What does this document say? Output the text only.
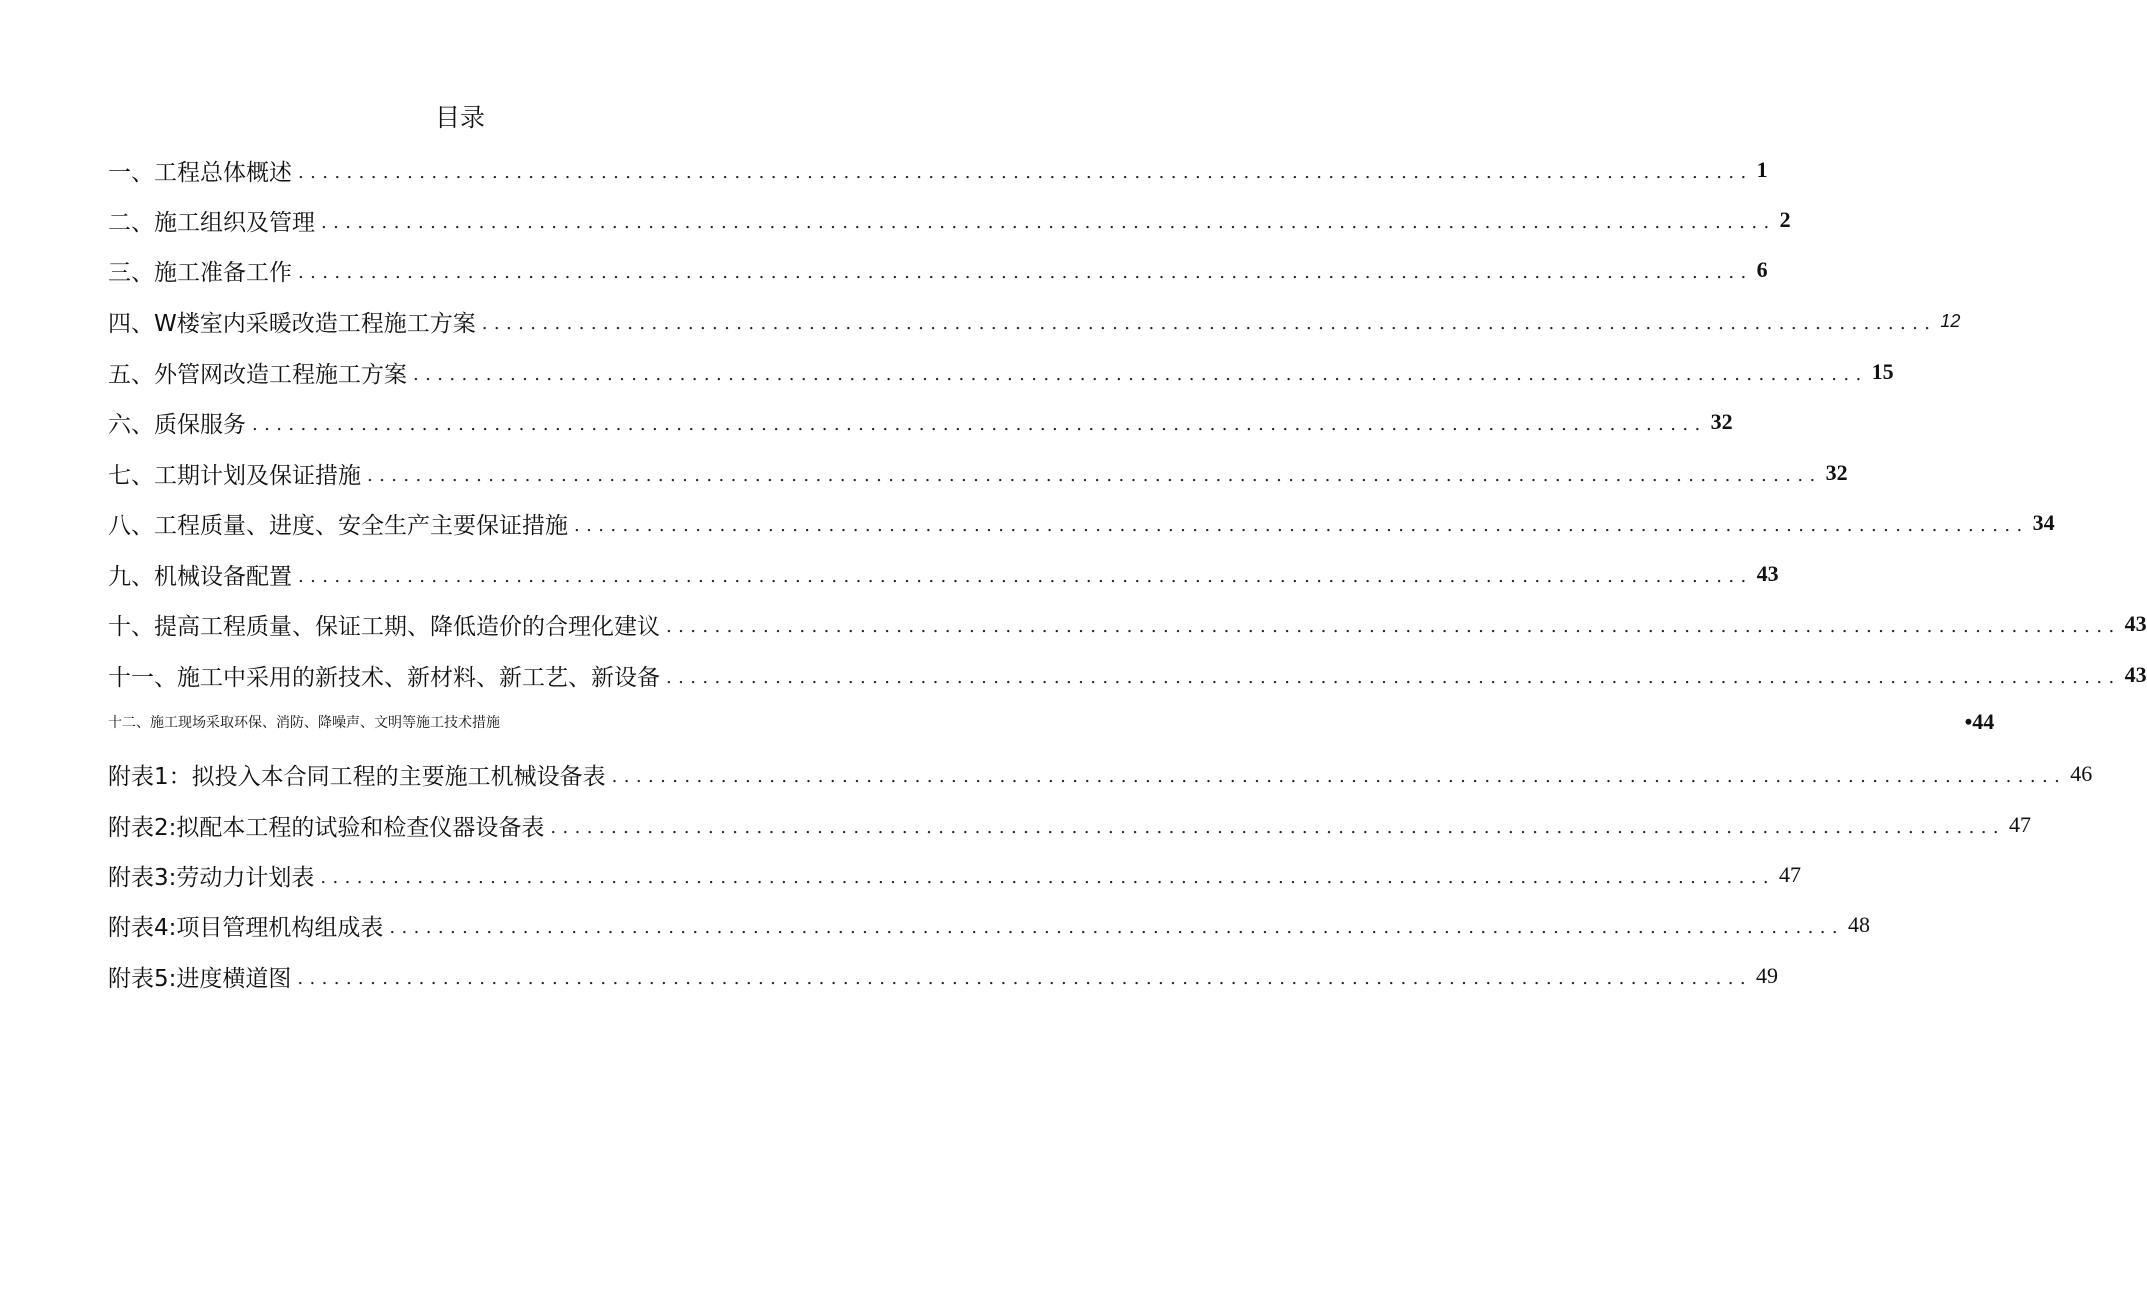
目录
一、工程总体概述 ........................................................................................................................ 1
二、施工组织及管理 ........................................................................................................................ 2
三、施工准备工作 ........................................................................................................................ 6
四、W楼室内采暖改造工程施工方案 ........................................................................................................................ 12
五、外管网改造工程施工方案 ........................................................................................................................ 15
六、质保服务 ........................................................................................................................ 32
七、工期计划及保证措施 ........................................................................................................................ 32
八、工程质量、进度、安全生产主要保证措施 ........................................................................................................................ 34
九、机械设备配置 ........................................................................................................................ 43
十、提高工程质量、保证工期、降低造价的合理化建议 ........................................................................................................................ 43
十一、施工中采用的新技术、新材料、新工艺、新设备 ........................................................................................................................ 43
十二、施工现场采取环保、消防、降噪声、文明等施工技术措施	•44
附表1：拟投入本合同工程的主要施工机械设备表 ........................................................................................................................ 46
附表2:拟配本工程的试验和检查仪器设备表 ........................................................................................................................ 47
附表3:劳动力计划表 ........................................................................................................................ 47
附表4:项目管理机构组成表 ........................................................................................................................ 48
附表5:进度横道图 ........................................................................................................................ 49
